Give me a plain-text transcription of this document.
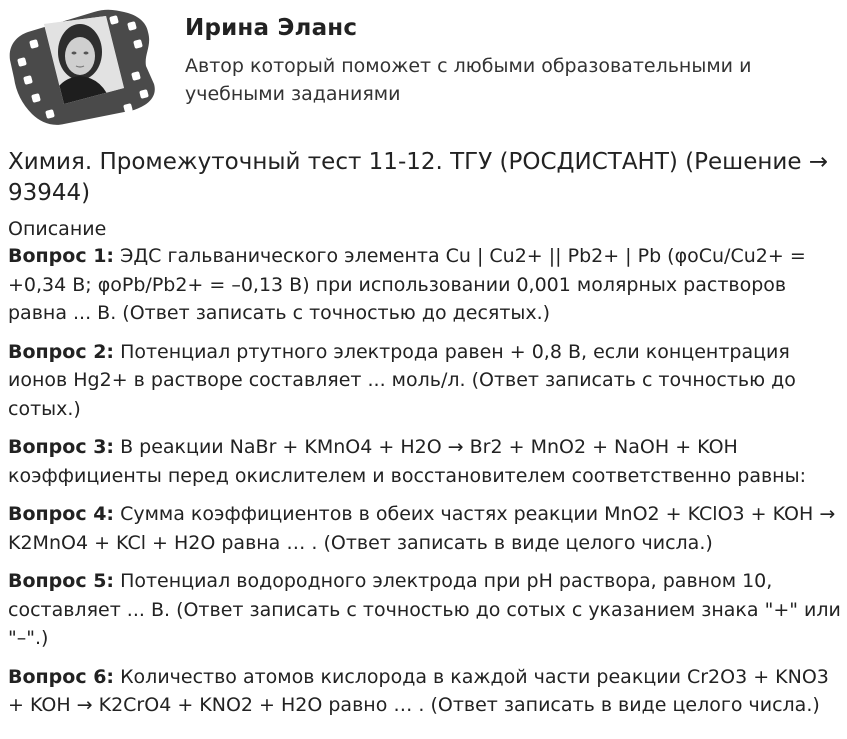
Ирина Эланс
Автор который поможет с любыми образовательными и учебными заданиями
Химия. Промежуточный тест 11-12. ТГУ (РОСДИСТАНТ) (Решение → 93944)
Описание

Вопрос 1: ЭДС гальванического элемента Cu | Cu2+ || Pb2+ | Pb (φoCu/Cu2+ = +0,34 В; φoPb/Pb2+ = –0,13 В) при использовании 0,001 молярных растворов равна ... В. (Ответ записать с точностью до десятых.)

Вопрос 2: Потенциал ртутного электрода равен + 0,8 В, если концентрация ионов Hg2+ в растворе составляет ... моль/л. (Ответ записать с точностью до сотых.)

Вопрос 3: В реакции NaBr + KMnO4 + H2O → Br2 + MnO2 + NaOH + KOH коэффициенты перед окислителем и восстановителем соответственно равны:

Вопрос 4: Сумма коэффициентов в обеих частях реакции MnO2 + KClO3 + KOH → K2MnO4 + KCl + H2O равна … . (Ответ записать в виде целого числа.)

Вопрос 5: Потенциал водородного электрода при pH раствора, равном 10, составляет ... В. (Ответ записать с точностью до сотых с указанием знака "+" или "–".)

Вопрос 6: Количество атомов кислорода в каждой части реакции Cr2O3 + KNO3 + KOH → K2CrO4 + KNO2 + H2O равно … . (Ответ записать в виде целого числа.)
